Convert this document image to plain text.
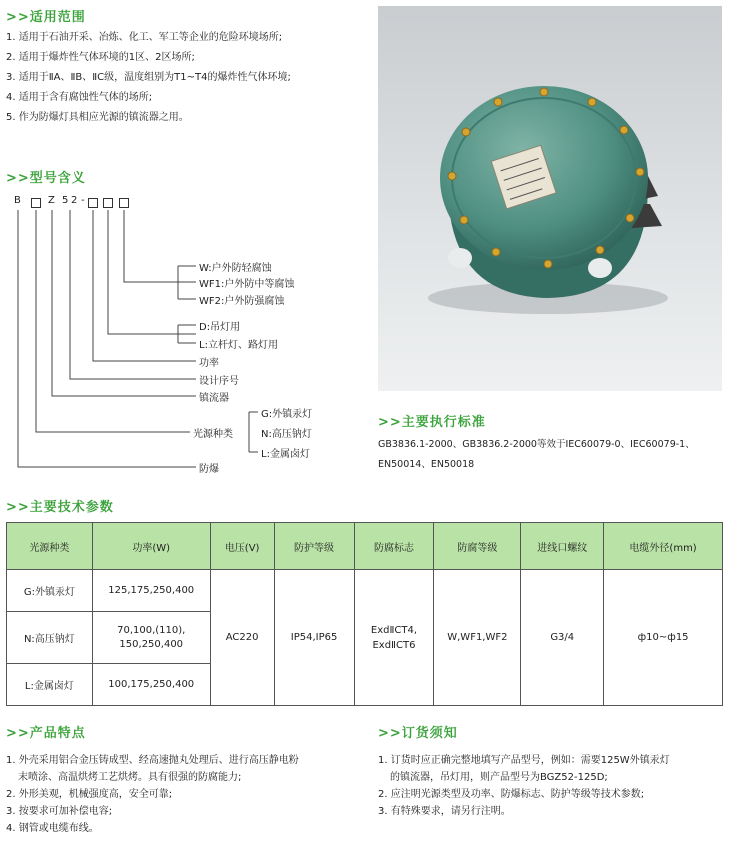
>>适用范围
1. 适用于石油开采、冶炼、化工、军工等企业的危险环境场所;
2. 适用于爆炸性气体环境的1区、2区场所;
3. 适用于ⅡA、ⅡB、ⅡC级，温度组别为T1~T4的爆炸性气体环境;
4. 适用于含有腐蚀性气体的场所;
5. 作为防爆灯具相应光源的镇流器之用。
>>型号含义
B	Z 5 2 -
W:户外防轻腐蚀
WF1:户外防中等腐蚀
WF2:户外防强腐蚀
D:吊灯用
L:立杆灯、路灯用
功率
设计序号
镇流器
G:外镇汞灯
光源种类	N:高压钠灯
L:金属卤灯
防爆
>>主要执行标准
GB3836.1-2000、GB3836.2-2000等效于IEC60079-0、IEC60079-1、
EN50014、EN50018
>>主要技术参数
光源种类	功率(W)	电压(V)	防护等级	防腐标志	防腐等级	进线口螺纹	电缆外径(mm)
G:外镇汞灯	125,175,250,400	AC220	IP54,IP65	ExdⅡCT4,
ExdⅡCT6	W,WF1,WF2	G3/4	ф10~ф15
N:高压钠灯	70,100,(110),
150,250,400						

L:金属卤灯	100,175,250,400						
>>产品特点
1. 外壳采用铝合金压铸成型、经高速抛丸处理后、进行高压静电粉
末喷涂、高温烘烤工艺烘烤。具有很强的防腐能力;
2. 外形美观，机械强度高，安全可靠;
3. 按要求可加补偿电容;
4. 钢管或电缆布线。
>>订货须知
1. 订货时应正确完整地填写产品型号，例如：需要125W外镇汞灯
的镇流器，吊灯用，则产品型号为BGZ52-125D;
2. 应注明光源类型及功率、防爆标志、防护等级等技术参数;
3. 有特殊要求，请另行注明。
